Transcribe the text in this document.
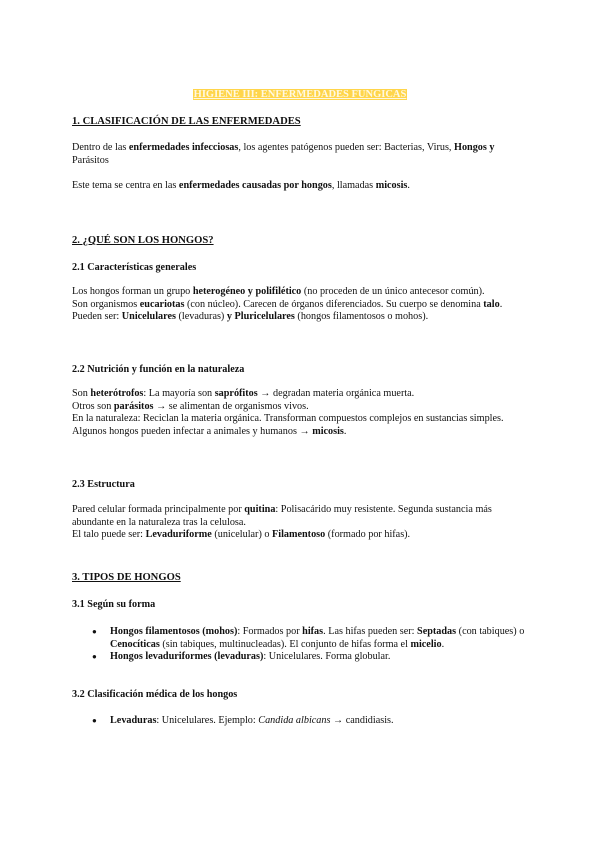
HIGIENE III: ENFERMEDADES FUNGICAS
1. CLASIFICACIÓN DE LAS ENFERMEDADES

Dentro de las enfermedades infecciosas, los agentes patógenos pueden ser: Bacterias, Virus, Hongos y Parásitos

Este tema se centra en las enfermedades causadas por hongos, llamadas micosis.

2. ¿QUÉ SON LOS HONGOS?
2.1 Características generales

Los hongos forman un grupo heterogéneo y polifilético (no proceden de un único antecesor común).

Son organismos eucariotas (con núcleo). Carecen de órganos diferenciados. Su cuerpo se denomina talo.

Pueden ser: Unicelulares (levaduras) y Pluricelulares (hongos filamentosos o mohos).

2.2 Nutrición y función en la naturaleza

Son heterótrofos: La mayoría son saprófitos → degradan materia orgánica muerta.

Otros son parásitos → se alimentan de organismos vivos.

En la naturaleza: Reciclan la materia orgánica. Transforman compuestos complejos en sustancias simples.

Algunos hongos pueden infectar a animales y humanos → micosis.

2.3 Estructura

Pared celular formada principalmente por quitina: Polisacárido muy resistente. Segunda sustancia más abundante en la naturaleza tras la celulosa.

El talo puede ser: Levaduriforme (unicelular) o Filamentoso (formado por hifas).

3. TIPOS DE HONGOS
3.1 Según su forma
● Hongos filamentosos (mohos): Formados por hifas. Las hifas pueden ser: Septadas (con tabiques) o Cenocíticas (sin tabiques, multinucleadas). El conjunto de hifas forma el micelio.
● Hongos levaduriformes (levaduras): Unicelulares. Forma globular.
3.2 Clasificación médica de los hongos
● Levaduras: Unicelulares. Ejemplo: Candida albicans → candidiasis.
